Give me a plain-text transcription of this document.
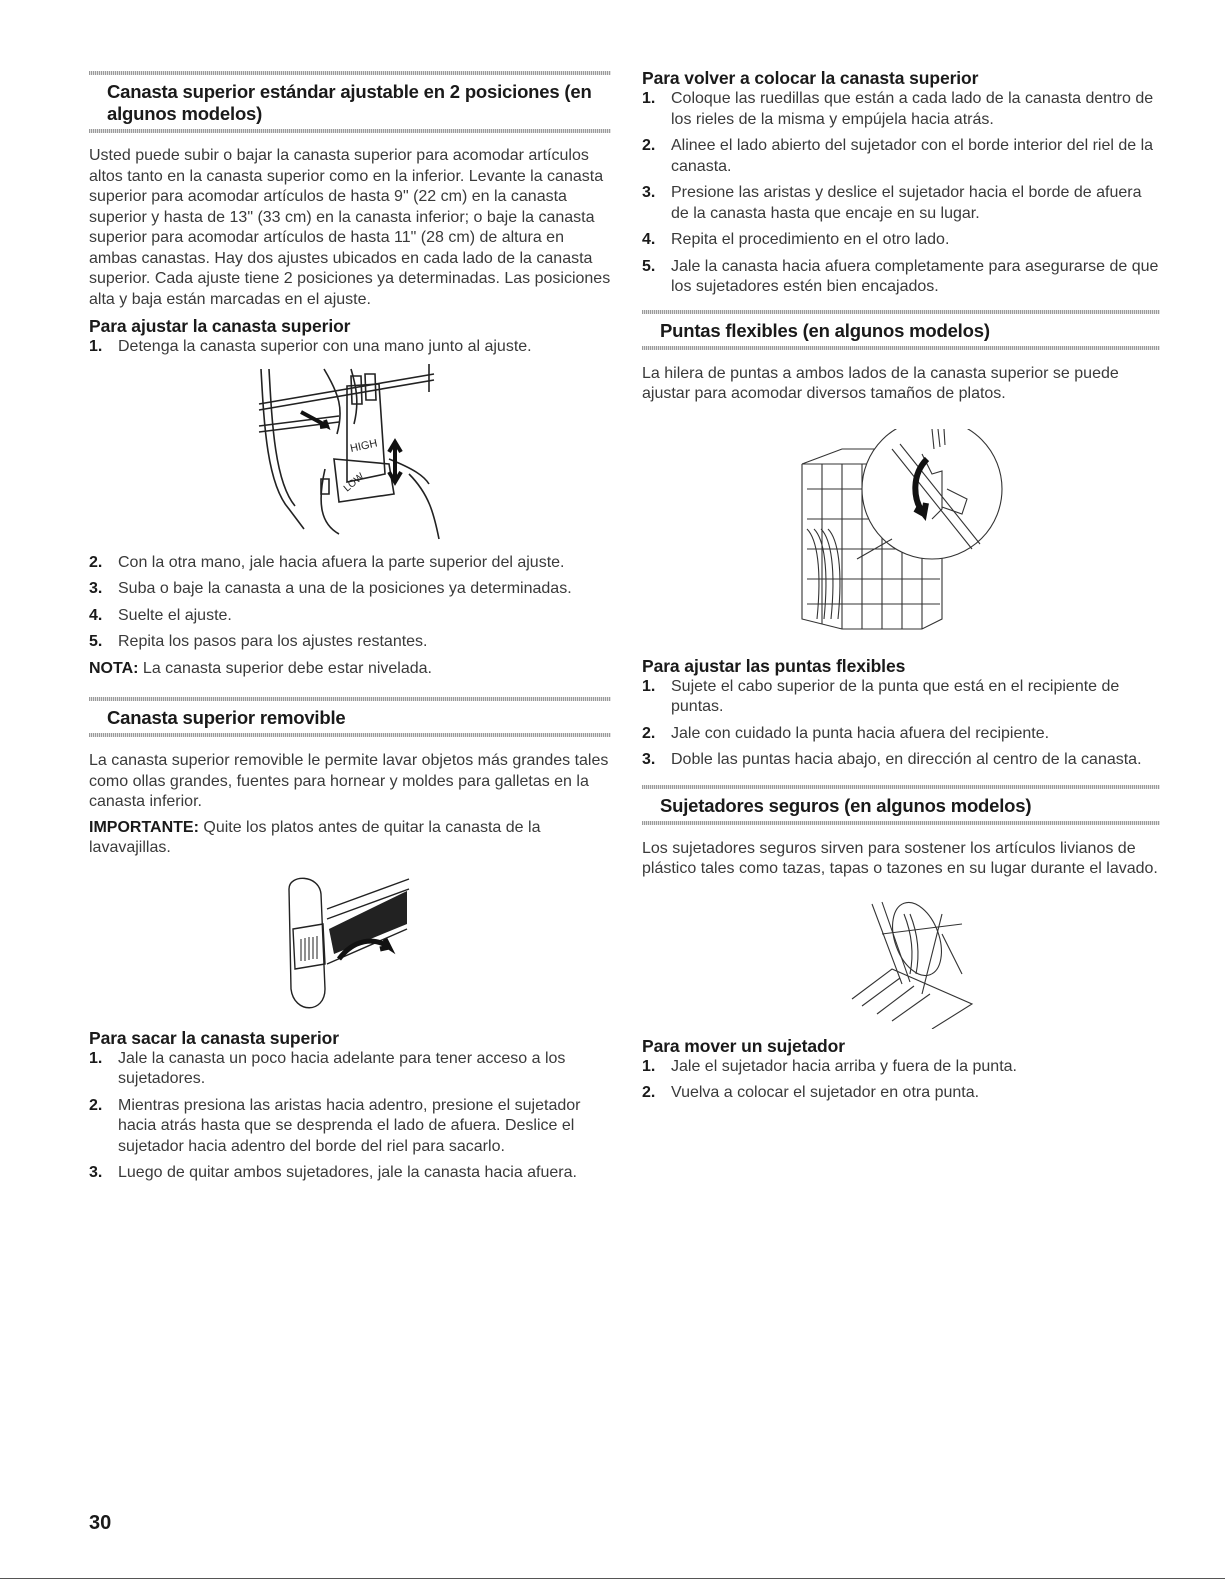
Canasta superior estándar ajustable en 2 posiciones (en algunos modelos)

Usted puede subir o bajar la canasta superior para acomodar artículos altos tanto en la canasta superior como en la inferior. Levante la canasta superior para acomodar artículos de hasta 9" (22 cm) en la canasta superior y hasta de 13" (33 cm) en la canasta inferior; o baje la canasta superior para acomodar artículos de hasta 11" (28 cm) de altura en ambas canastas. Hay dos ajustes ubicados en cada lado de la canasta superior. Cada ajuste tiene 2 posiciones ya determinadas. Las posiciones alta y baja están marcadas en el ajuste.

Para ajustar la canasta superior
1. Detenga la canasta superior con una mano junto al ajuste.
HIGH
LOW
2. Con la otra mano, jale hacia afuera la parte superior del ajuste.
3. Suba o baje la canasta a una de la posiciones ya determinadas.
4. Suelte el ajuste.
5. Repita los pasos para los ajustes restantes.

NOTA: La canasta superior debe estar nivelada.

Canasta superior removible

La canasta superior removible le permite lavar objetos más grandes tales como ollas grandes, fuentes para hornear y moldes para galletas en la canasta inferior.

IMPORTANTE: Quite los platos antes de quitar la canasta de la lavavajillas.

Para sacar la canasta superior
1. Jale la canasta un poco hacia adelante para tener acceso a los sujetadores.
2. Mientras presiona las aristas hacia adentro, presione el sujetador hacia atrás hasta que se desprenda el lado de afuera. Deslice el sujetador hacia adentro del borde del riel para sacarlo.
3. Luego de quitar ambos sujetadores, jale la canasta hacia afuera.
Para volver a colocar la canasta superior
1. Coloque las ruedillas que están a cada lado de la canasta dentro de los rieles de la misma y empújela hacia atrás.
2. Alinee el lado abierto del sujetador con el borde interior del riel de la canasta.
3. Presione las aristas y deslice el sujetador hacia el borde de afuera de la canasta hasta que encaje en su lugar.
4. Repita el procedimiento en el otro lado.
5. Jale la canasta hacia afuera completamente para asegurarse de que los sujetadores estén bien encajados.
Puntas flexibles (en algunos modelos)

La hilera de puntas a ambos lados de la canasta superior se puede ajustar para acomodar diversos tamaños de platos.

Para ajustar las puntas flexibles
1. Sujete el cabo superior de la punta que está en el recipiente de puntas.
2. Jale con cuidado la punta hacia afuera del recipiente.
3. Doble las puntas hacia abajo, en dirección al centro de la canasta.
Sujetadores seguros (en algunos modelos)

Los sujetadores seguros sirven para sostener los artículos livianos de plástico tales como tazas, tapas o tazones en su lugar durante el lavado.

Para mover un sujetador
1. Jale el sujetador hacia arriba y fuera de la punta.
2. Vuelva a colocar el sujetador en otra punta.
30
